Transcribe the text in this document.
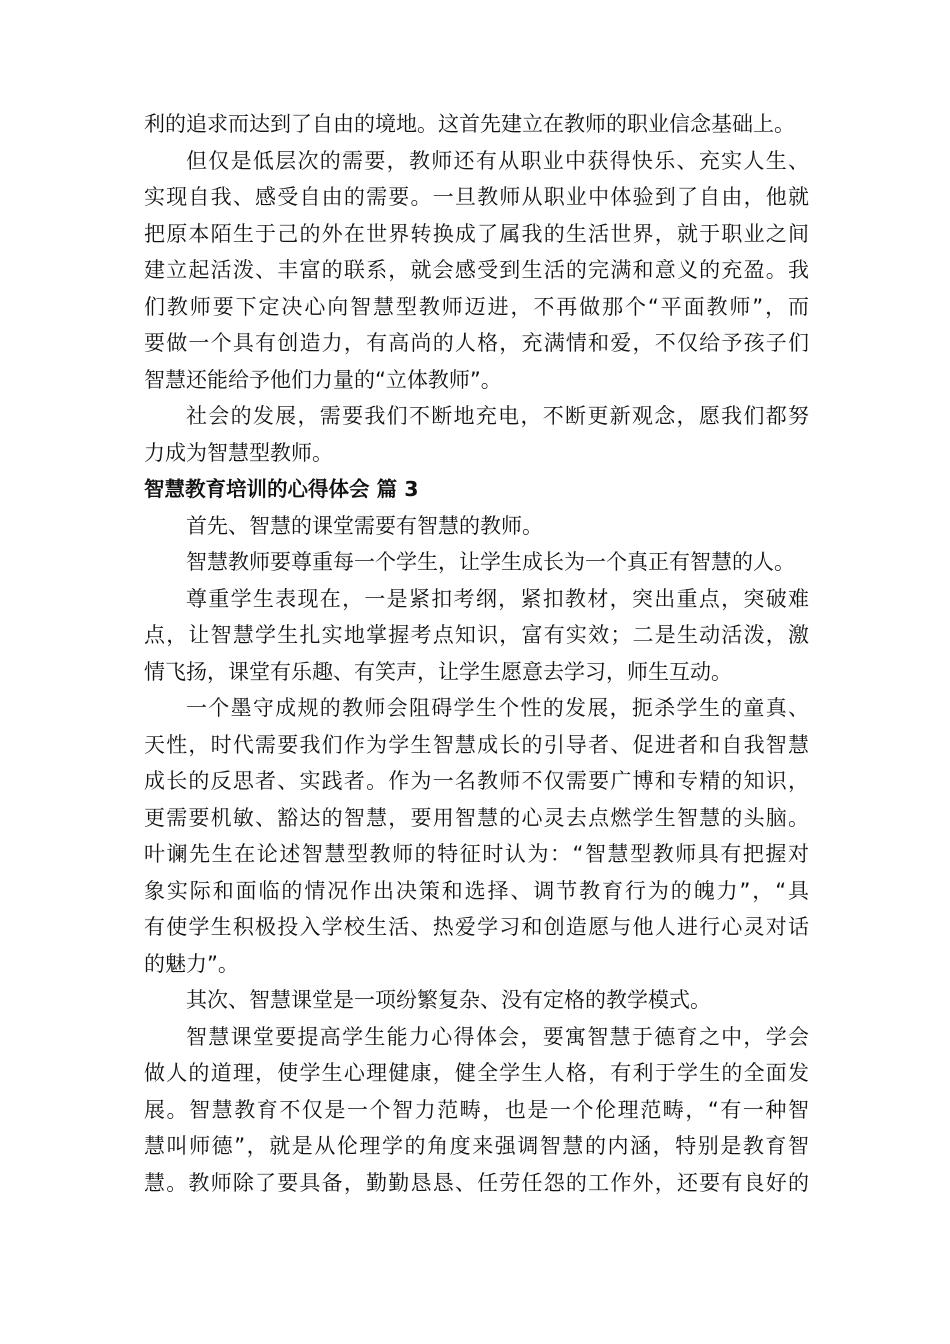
利的追求而达到了自由的境地。这首先建立在教师的职业信念基础上。
但仅是低层次的需要，教师还有从职业中获得快乐、充实人生、
实现自我、感受自由的需要。一旦教师从职业中体验到了自由，他就
把原本陌生于己的外在世界转换成了属我的生活世界，就于职业之间
建立起活泼、丰富的联系，就会感受到生活的完满和意义的充盈。我
们教师要下定决心向智慧型教师迈进，不再做那个“平面教师”，而
要做一个具有创造力，有高尚的人格，充满情和爱，不仅给予孩子们
智慧还能给予他们力量的“立体教师”。
社会的发展，需要我们不断地充电，不断更新观念，愿我们都努
力成为智慧型教师。
智慧教育培训的心得体会 篇 3
首先、智慧的课堂需要有智慧的教师。
智慧教师要尊重每一个学生，让学生成长为一个真正有智慧的人。
尊重学生表现在，一是紧扣考纲，紧扣教材，突出重点，突破难
点，让智慧学生扎实地掌握考点知识，富有实效；二是生动活泼，激
情飞扬，课堂有乐趣、有笑声，让学生愿意去学习，师生互动。
一个墨守成规的教师会阻碍学生个性的发展，扼杀学生的童真、
天性，时代需要我们作为学生智慧成长的引导者、促进者和自我智慧
成长的反思者、实践者。作为一名教师不仅需要广博和专精的知识，
更需要机敏、豁达的智慧，要用智慧的心灵去点燃学生智慧的头脑。
叶谰先生在论述智慧型教师的特征时认为：“智慧型教师具有把握对
象实际和面临的情况作出决策和选择、调节教育行为的魄力”，“具
有使学生积极投入学校生活、热爱学习和创造愿与他人进行心灵对话
的魅力”。
其次、智慧课堂是一项纷繁复杂、没有定格的教学模式。
智慧课堂要提高学生能力心得体会，要寓智慧于德育之中，学会
做人的道理，使学生心理健康，健全学生人格，有利于学生的全面发
展。智慧教育不仅是一个智力范畴，也是一个伦理范畴，“有一种智
慧叫师德”，就是从伦理学的角度来强调智慧的内涵，特别是教育智
慧。教师除了要具备，勤勤恳恳、任劳任怨的工作外，还要有良好的
